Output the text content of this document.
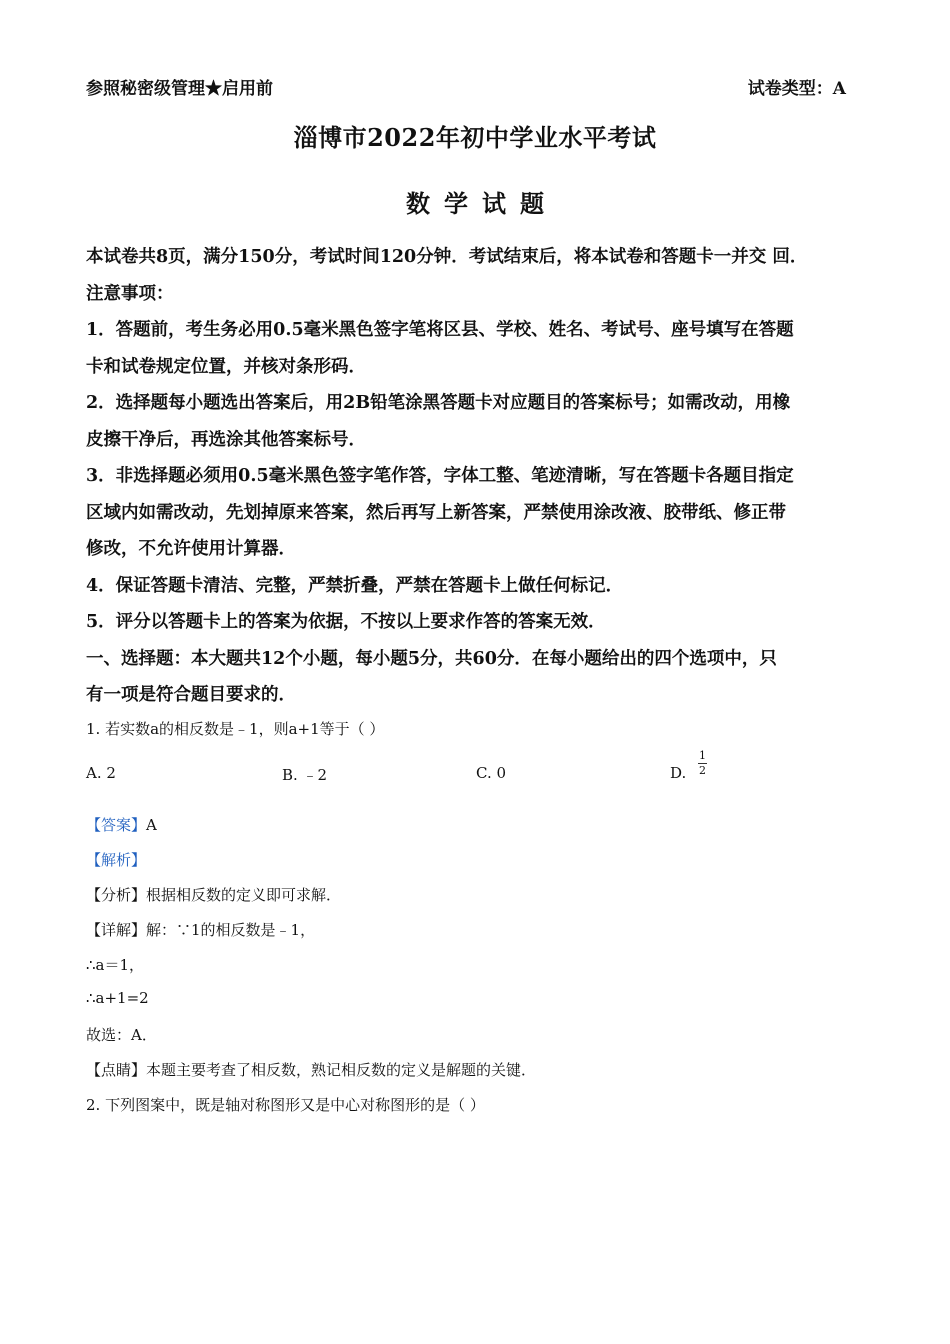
参照秘密级管理★启用前	试卷类型：A
淄博市2022年初中学业水平考试
数学试题
本试卷共8页，满分150分，考试时间120分钟．考试结束后，将本试卷和答题卡一并交 回．
注意事项：
1．答题前，考生务必用0.5毫米黑色签字笔将区县、学校、姓名、考试号、座号填写在答题
卡和试卷规定位置，并核对条形码．
2．选择题每小题选出答案后，用2B铅笔涂黑答题卡对应题目的答案标号；如需改动，用橡
皮擦干净后，再选涂其他答案标号．
3．非选择题必须用0.5毫米黑色签字笔作答，字体工整、笔迹清晰，写在答题卡各题目指定
区域内如需改动，先划掉原来答案，然后再写上新答案，严禁使用涂改液、胶带纸、修正带
修改，不允许使用计算器．
4．保证答题卡清洁、完整，严禁折叠，严禁在答题卡上做任何标记．
5．评分以答题卡上的答案为依据，不按以上要求作答的答案无效．
一、选择题：本大题共12个小题，每小题5分，共60分．在每小题给出的四个选项中，只
有一项是符合题目要求的．
1. 若实数a的相反数是﹣1，则a+1等于（ ）
A. 2	B. ﹣2	C. 0	D.
1
2
【答案】A
【解析】
【分析】根据相反数的定义即可求解．
【详解】解：∵1的相反数是﹣1，
∴a＝1，
∴a+1=2
故选：A．
【点睛】本题主要考查了相反数，熟记相反数的定义是解题的关键．
2. 下列图案中，既是轴对称图形又是中心对称图形的是（ ）
